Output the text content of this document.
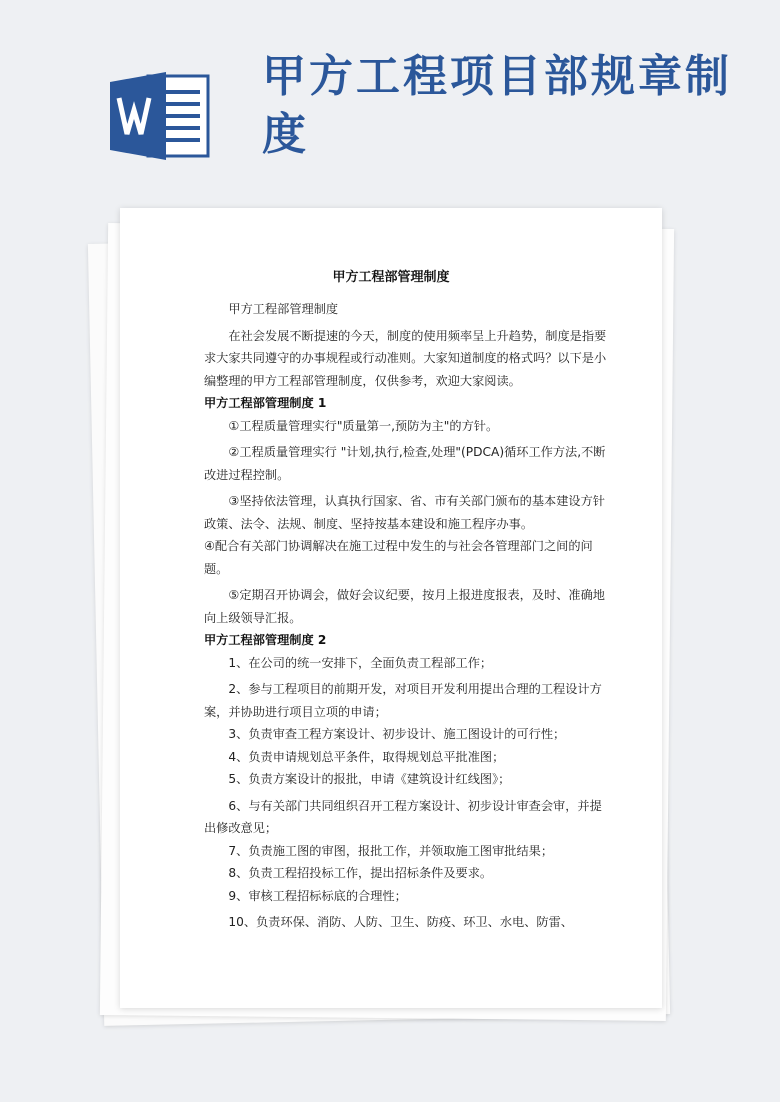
甲方工程项目部规章制度
甲方工程部管理制度

甲方工程部管理制度

在社会发展不断提速的今天，制度的使用频率呈上升趋势，制度是指要求大家共同遵守的办事规程或行动准则。大家知道制度的格式吗？以下是小编整理的甲方工程部管理制度，仅供参考，欢迎大家阅读。

甲方工程部管理制度 1

①工程质量管理实行"质量第一,预防为主"的方针。

②工程质量管理实行 "计划,执行,检查,处理"(PDCA)循环工作方法,不断改进过程控制。

③坚持依法管理，认真执行国家、省、市有关部门颁布的基本建设方针政策、法令、法规、制度、坚持按基本建设和施工程序办事。

④配合有关部门协调解决在施工过程中发生的与社会各管理部门之间的问题。

⑤定期召开协调会，做好会议纪要，按月上报进度报表，及时、准确地向上级领导汇报。

甲方工程部管理制度 2

1、在公司的统一安排下，全面负责工程部工作；

2、参与工程项目的前期开发，对项目开发利用提出合理的工程设计方案，并协助进行项目立项的申请；

3、负责审查工程方案设计、初步设计、施工图设计的可行性；

4、负责申请规划总平条件，取得规划总平批准图；

5、负责方案设计的报批，申请《建筑设计红线图》；

6、与有关部门共同组织召开工程方案设计、初步设计审查会审，并提出修改意见；

7、负责施工图的审图，报批工作，并领取施工图审批结果；

8、负责工程招投标工作，提出招标条件及要求。

9、审核工程招标标底的合理性；

10、负责环保、消防、人防、卫生、防疫、环卫、水电、防雷、
